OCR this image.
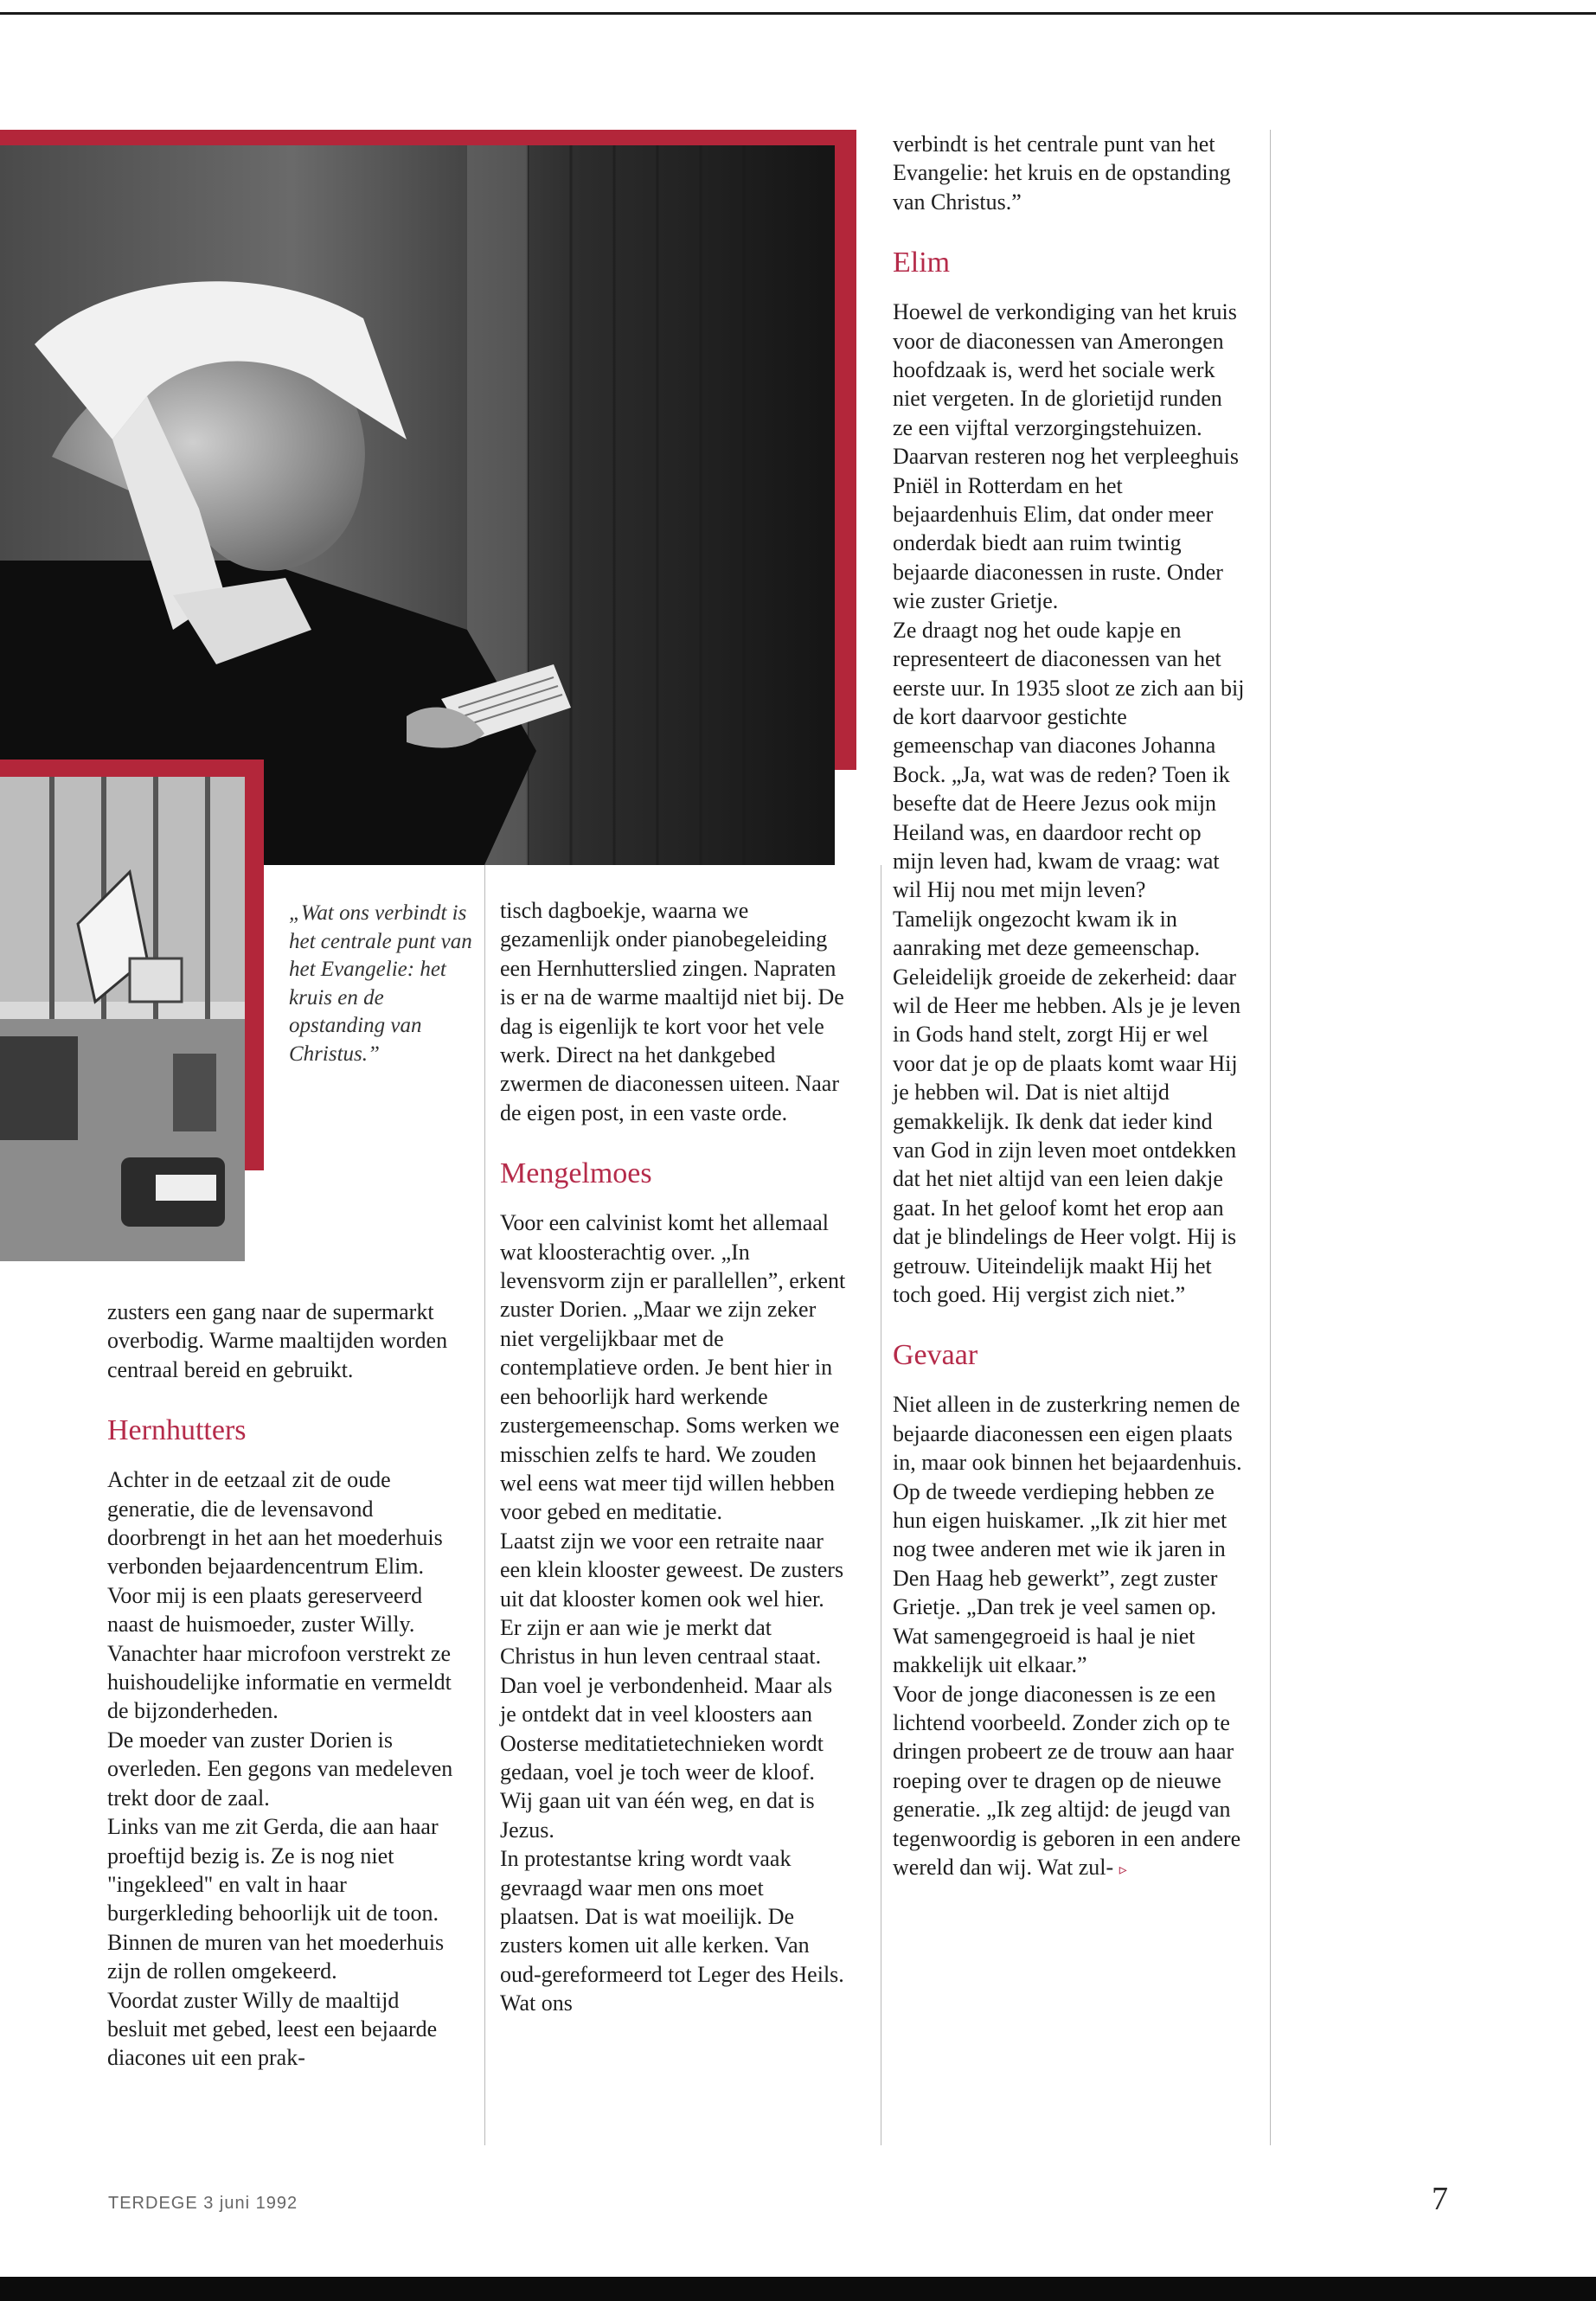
„Wat ons verbindt is het centrale punt van het Evangelie: het kruis en de opstanding van Christus.”

zusters een gang naar de supermarkt overbodig. Warme maaltijden worden centraal bereid en gebruikt.

Hernhutters

Achter in de eetzaal zit de oude generatie, die de levensavond doorbrengt in het aan het moederhuis verbonden bejaardencentrum Elim. Voor mij is een plaats gereserveerd naast de huismoeder, zuster Willy. Vanachter haar microfoon verstrekt ze huishoudelijke informatie en vermeldt de bijzonderheden.

De moeder van zuster Dorien is overleden. Een gegons van medeleven trekt door de zaal.

Links van me zit Gerda, die aan haar proeftijd bezig is. Ze is nog niet "ingekleed" en valt in haar burgerkleding behoorlijk uit de toon. Binnen de muren van het moederhuis zijn de rollen omgekeerd.

Voordat zuster Willy de maaltijd besluit met gebed, leest een bejaarde diacones uit een prak-

tisch dagboekje, waarna we gezamenlijk onder pianobegeleiding een Hernhutterslied zingen. Napraten is er na de warme maaltijd niet bij. De dag is eigenlijk te kort voor het vele werk. Direct na het dankgebed zwermen de diaconessen uiteen. Naar de eigen post, in een vaste orde.

Mengelmoes

Voor een calvinist komt het allemaal wat kloosterachtig over. „In levensvorm zijn er parallellen”, erkent zuster Dorien. „Maar we zijn zeker niet vergelijkbaar met de contemplatieve orden. Je bent hier in een behoorlijk hard werkende zustergemeenschap. Soms werken we misschien zelfs te hard. We zouden wel eens wat meer tijd willen hebben voor gebed en meditatie.

Laatst zijn we voor een retraite naar een klein klooster geweest. De zusters uit dat klooster komen ook wel hier. Er zijn er aan wie je merkt dat Christus in hun leven centraal staat. Dan voel je verbondenheid. Maar als je ontdekt dat in veel kloosters aan Oosterse meditatietechnieken wordt gedaan, voel je toch weer de kloof. Wij gaan uit van één weg, en dat is Jezus.

In protestantse kring wordt vaak gevraagd waar men ons moet plaatsen. Dat is wat moeilijk. De zusters komen uit alle kerken. Van oud-gereformeerd tot Leger des Heils. Wat ons

verbindt is het centrale punt van het Evangelie: het kruis en de opstanding van Christus.”

Elim

Hoewel de verkondiging van het kruis voor de diaconessen van Amerongen hoofdzaak is, werd het sociale werk niet vergeten. In de glorietijd runden ze een vijftal verzorgingstehuizen. Daarvan resteren nog het verpleeghuis Pniël in Rotterdam en het bejaardenhuis Elim, dat onder meer onderdak biedt aan ruim twintig bejaarde diaconessen in ruste. Onder wie zuster Grietje.

Ze draagt nog het oude kapje en representeert de diaconessen van het eerste uur. In 1935 sloot ze zich aan bij de kort daarvoor gestichte gemeenschap van diacones Johanna Bock. „Ja, wat was de reden? Toen ik besefte dat de Heere Jezus ook mijn Heiland was, en daardoor recht op mijn leven had, kwam de vraag: wat wil Hij nou met mijn leven?

Tamelijk ongezocht kwam ik in aanraking met deze gemeenschap. Geleidelijk groeide de zekerheid: daar wil de Heer me hebben. Als je je leven in Gods hand stelt, zorgt Hij er wel voor dat je op de plaats komt waar Hij je hebben wil. Dat is niet altijd gemakkelijk. Ik denk dat ieder kind van God in zijn leven moet ontdekken dat het niet altijd van een leien dakje gaat. In het geloof komt het erop aan dat je blindelings de Heer volgt. Hij is getrouw. Uiteindelijk maakt Hij het toch goed. Hij vergist zich niet.”

Gevaar

Niet alleen in de zusterkring nemen de bejaarde diaconessen een eigen plaats in, maar ook binnen het bejaardenhuis. Op de tweede verdieping hebben ze hun eigen huiskamer. „Ik zit hier met nog twee anderen met wie ik jaren in Den Haag heb gewerkt”, zegt zuster Grietje. „Dan trek je veel samen op. Wat samengegroeid is haal je niet makkelijk uit elkaar.”

Voor de jonge diaconessen is ze een lichtend voorbeeld. Zonder zich op te dringen probeert ze de trouw aan haar roeping over te dragen op de nieuwe generatie. „Ik zeg altijd: de jeugd van tegenwoordig is geboren in een andere wereld dan wij. Wat zul- ▹

TERDEGE 3 juni 1992	7
